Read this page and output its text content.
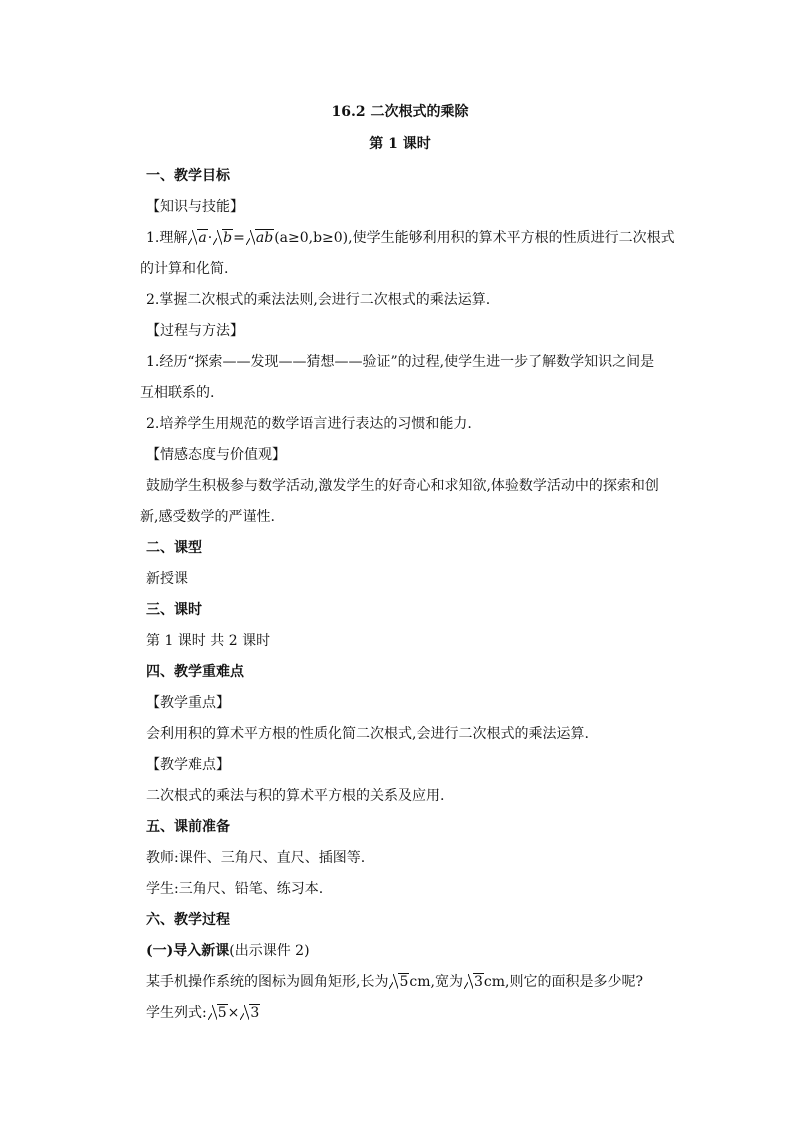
16.2 二次根式的乘除
第 1 课时
一、教学目标
【知识与技能】
1.理解 a· b= ab(a≥0,b≥0),使学生能够利用积的算术平方根的性质进行二次根式
的计算和化简.
2.掌握二次根式的乘法法则,会进行二次根式的乘法运算.
【过程与方法】
1.经历“探索——发现——猜想——验证”的过程,使学生进一步了解数学知识之间是
互相联系的.
2.培养学生用规范的数学语言进行表达的习惯和能力.
【情感态度与价值观】
鼓励学生积极参与数学活动,激发学生的好奇心和求知欲,体验数学活动中的探索和创
新,感受数学的严谨性.
二、课型
新授课
三、课时
第 1 课时 共 2 课时
四、教学重难点
【教学重点】
会利用积的算术平方根的性质化简二次根式,会进行二次根式的乘法运算.
【教学难点】
二次根式的乘法与积的算术平方根的关系及应用.
五、课前准备
教师:课件、三角尺、直尺、插图等.
学生:三角尺、铅笔、练习本.
六、教学过程
(一)导入新课(出示课件 2)
某手机操作系统的图标为圆角矩形,长为 5cm,宽为 3cm,则它的面积是多少呢?
学生列式: 5× 3
